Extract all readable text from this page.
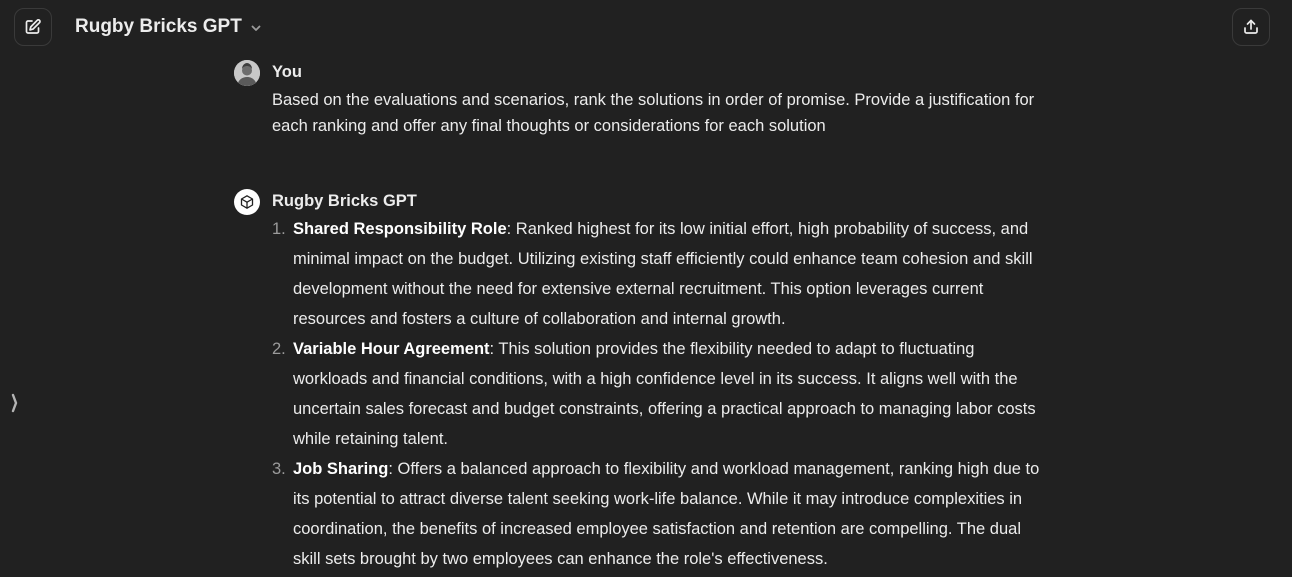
Rugby Bricks GPT
You
Based on the evaluations and scenarios, rank the solutions in order of promise. Provide a justification for each ranking and offer any final thoughts or considerations for each solution
Rugby Bricks GPT
1. Shared Responsibility Role: Ranked highest for its low initial effort, high probability of success, and minimal impact on the budget. Utilizing existing staff efficiently could enhance team cohesion and skill development without the need for extensive external recruitment. This option leverages current resources and fosters a culture of collaboration and internal growth.
2. Variable Hour Agreement: This solution provides the flexibility needed to adapt to fluctuating workloads and financial conditions, with a high confidence level in its success. It aligns well with the uncertain sales forecast and budget constraints, offering a practical approach to managing labor costs while retaining talent.
3. Job Sharing: Offers a balanced approach to flexibility and workload management, ranking high due to its potential to attract diverse talent seeking work-life balance. While it may introduce complexities in coordination, the benefits of increased employee satisfaction and retention are compelling. The dual skill sets brought by two employees can enhance the role's effectiveness.
